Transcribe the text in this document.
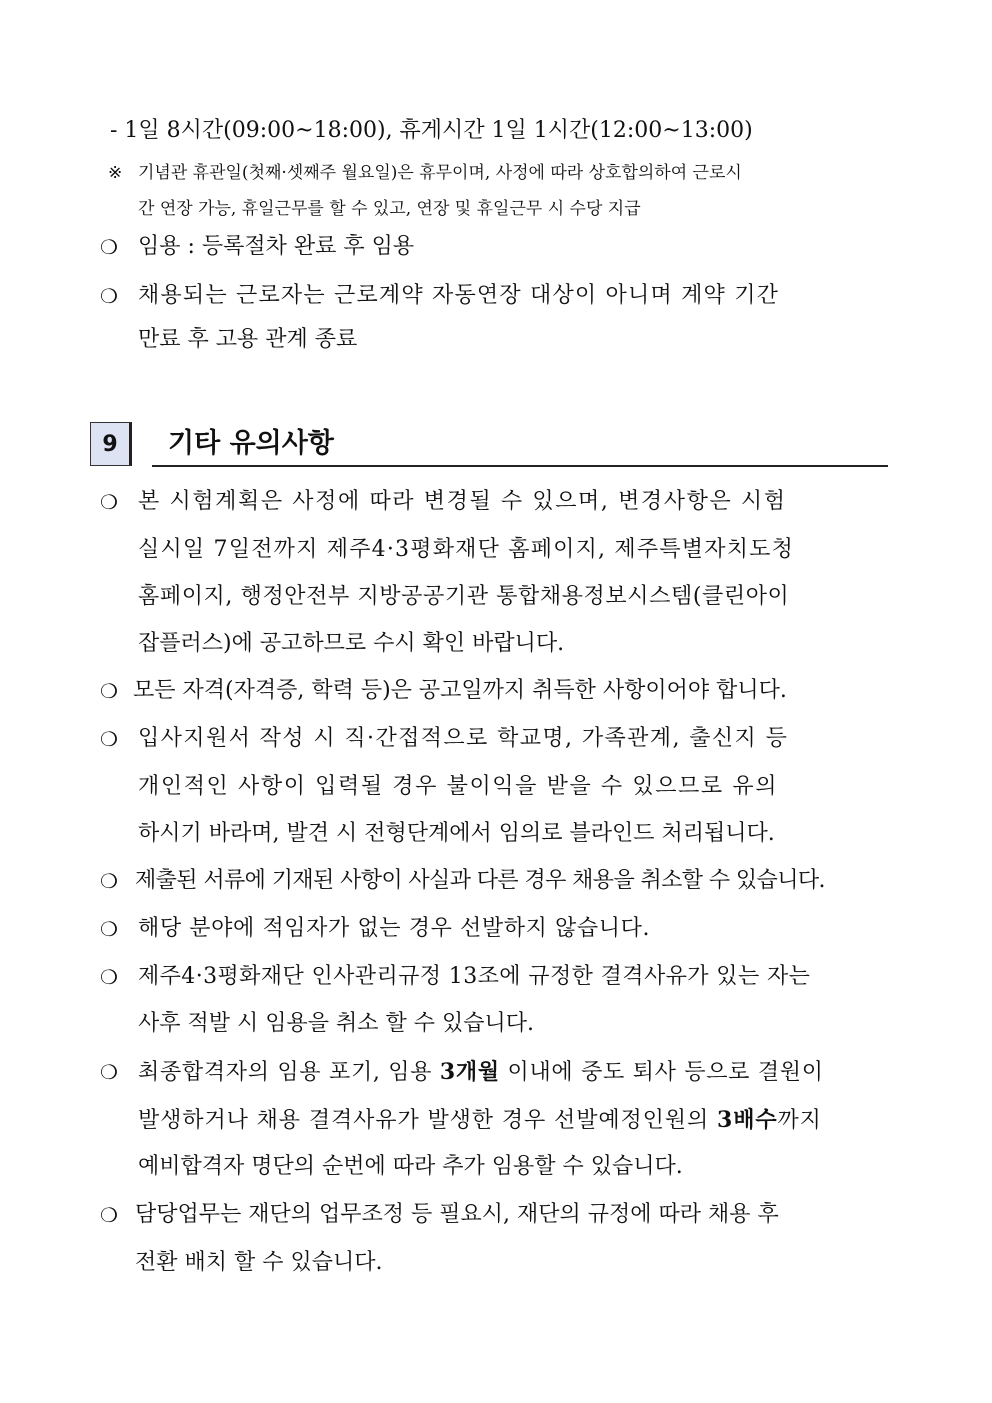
- 1일 8시간(09:00~18:00), 휴게시간 1일 1시간(12:00~13:00)
※ 기념관 휴관일(첫째·셋째주 월요일)은 휴무이며, 사정에 따라 상호합의하여 근로시
간 연장 가능, 휴일근무를 할 수 있고, 연장 및 휴일근무 시 수당 지급
❍ 임용 : 등록절차 완료 후 임용
❍ 채용되는 근로자는 근로계약 자동연장 대상이 아니며 계약 기간
만료 후 고용 관계 종료
9	기타 유의사항
❍ 본 시험계획은 사정에 따라 변경될 수 있으며, 변경사항은 시험
실시일 7일전까지 제주4·3평화재단 홈페이지, 제주특별자치도청
홈페이지, 행정안전부 지방공공기관 통합채용정보시스템(클린아이
잡플러스)에 공고하므로 수시 확인 바랍니다.
❍ 모든 자격(자격증, 학력 등)은 공고일까지 취득한 사항이어야 합니다.
❍ 입사지원서 작성 시 직·간접적으로 학교명, 가족관계, 출신지 등
개인적인 사항이 입력될 경우 불이익을 받을 수 있으므로 유의
하시기 바라며, 발견 시 전형단계에서 임의로 블라인드 처리됩니다.
❍ 제출된 서류에 기재된 사항이 사실과 다른 경우 채용을 취소할 수 있습니다.
❍ 해당 분야에 적임자가 없는 경우 선발하지 않습니다.
❍ 제주4·3평화재단 인사관리규정 13조에 규정한 결격사유가 있는 자는
사후 적발 시 임용을 취소 할 수 있습니다.
❍ 최종합격자의 임용 포기, 임용 3개월 이내에 중도 퇴사 등으로 결원이
발생하거나 채용 결격사유가 발생한 경우 선발예정인원의 3배수까지
예비합격자 명단의 순번에 따라 추가 임용할 수 있습니다.
❍ 담당업무는 재단의 업무조정 등 필요시, 재단의 규정에 따라 채용 후
전환 배치 할 수 있습니다.
